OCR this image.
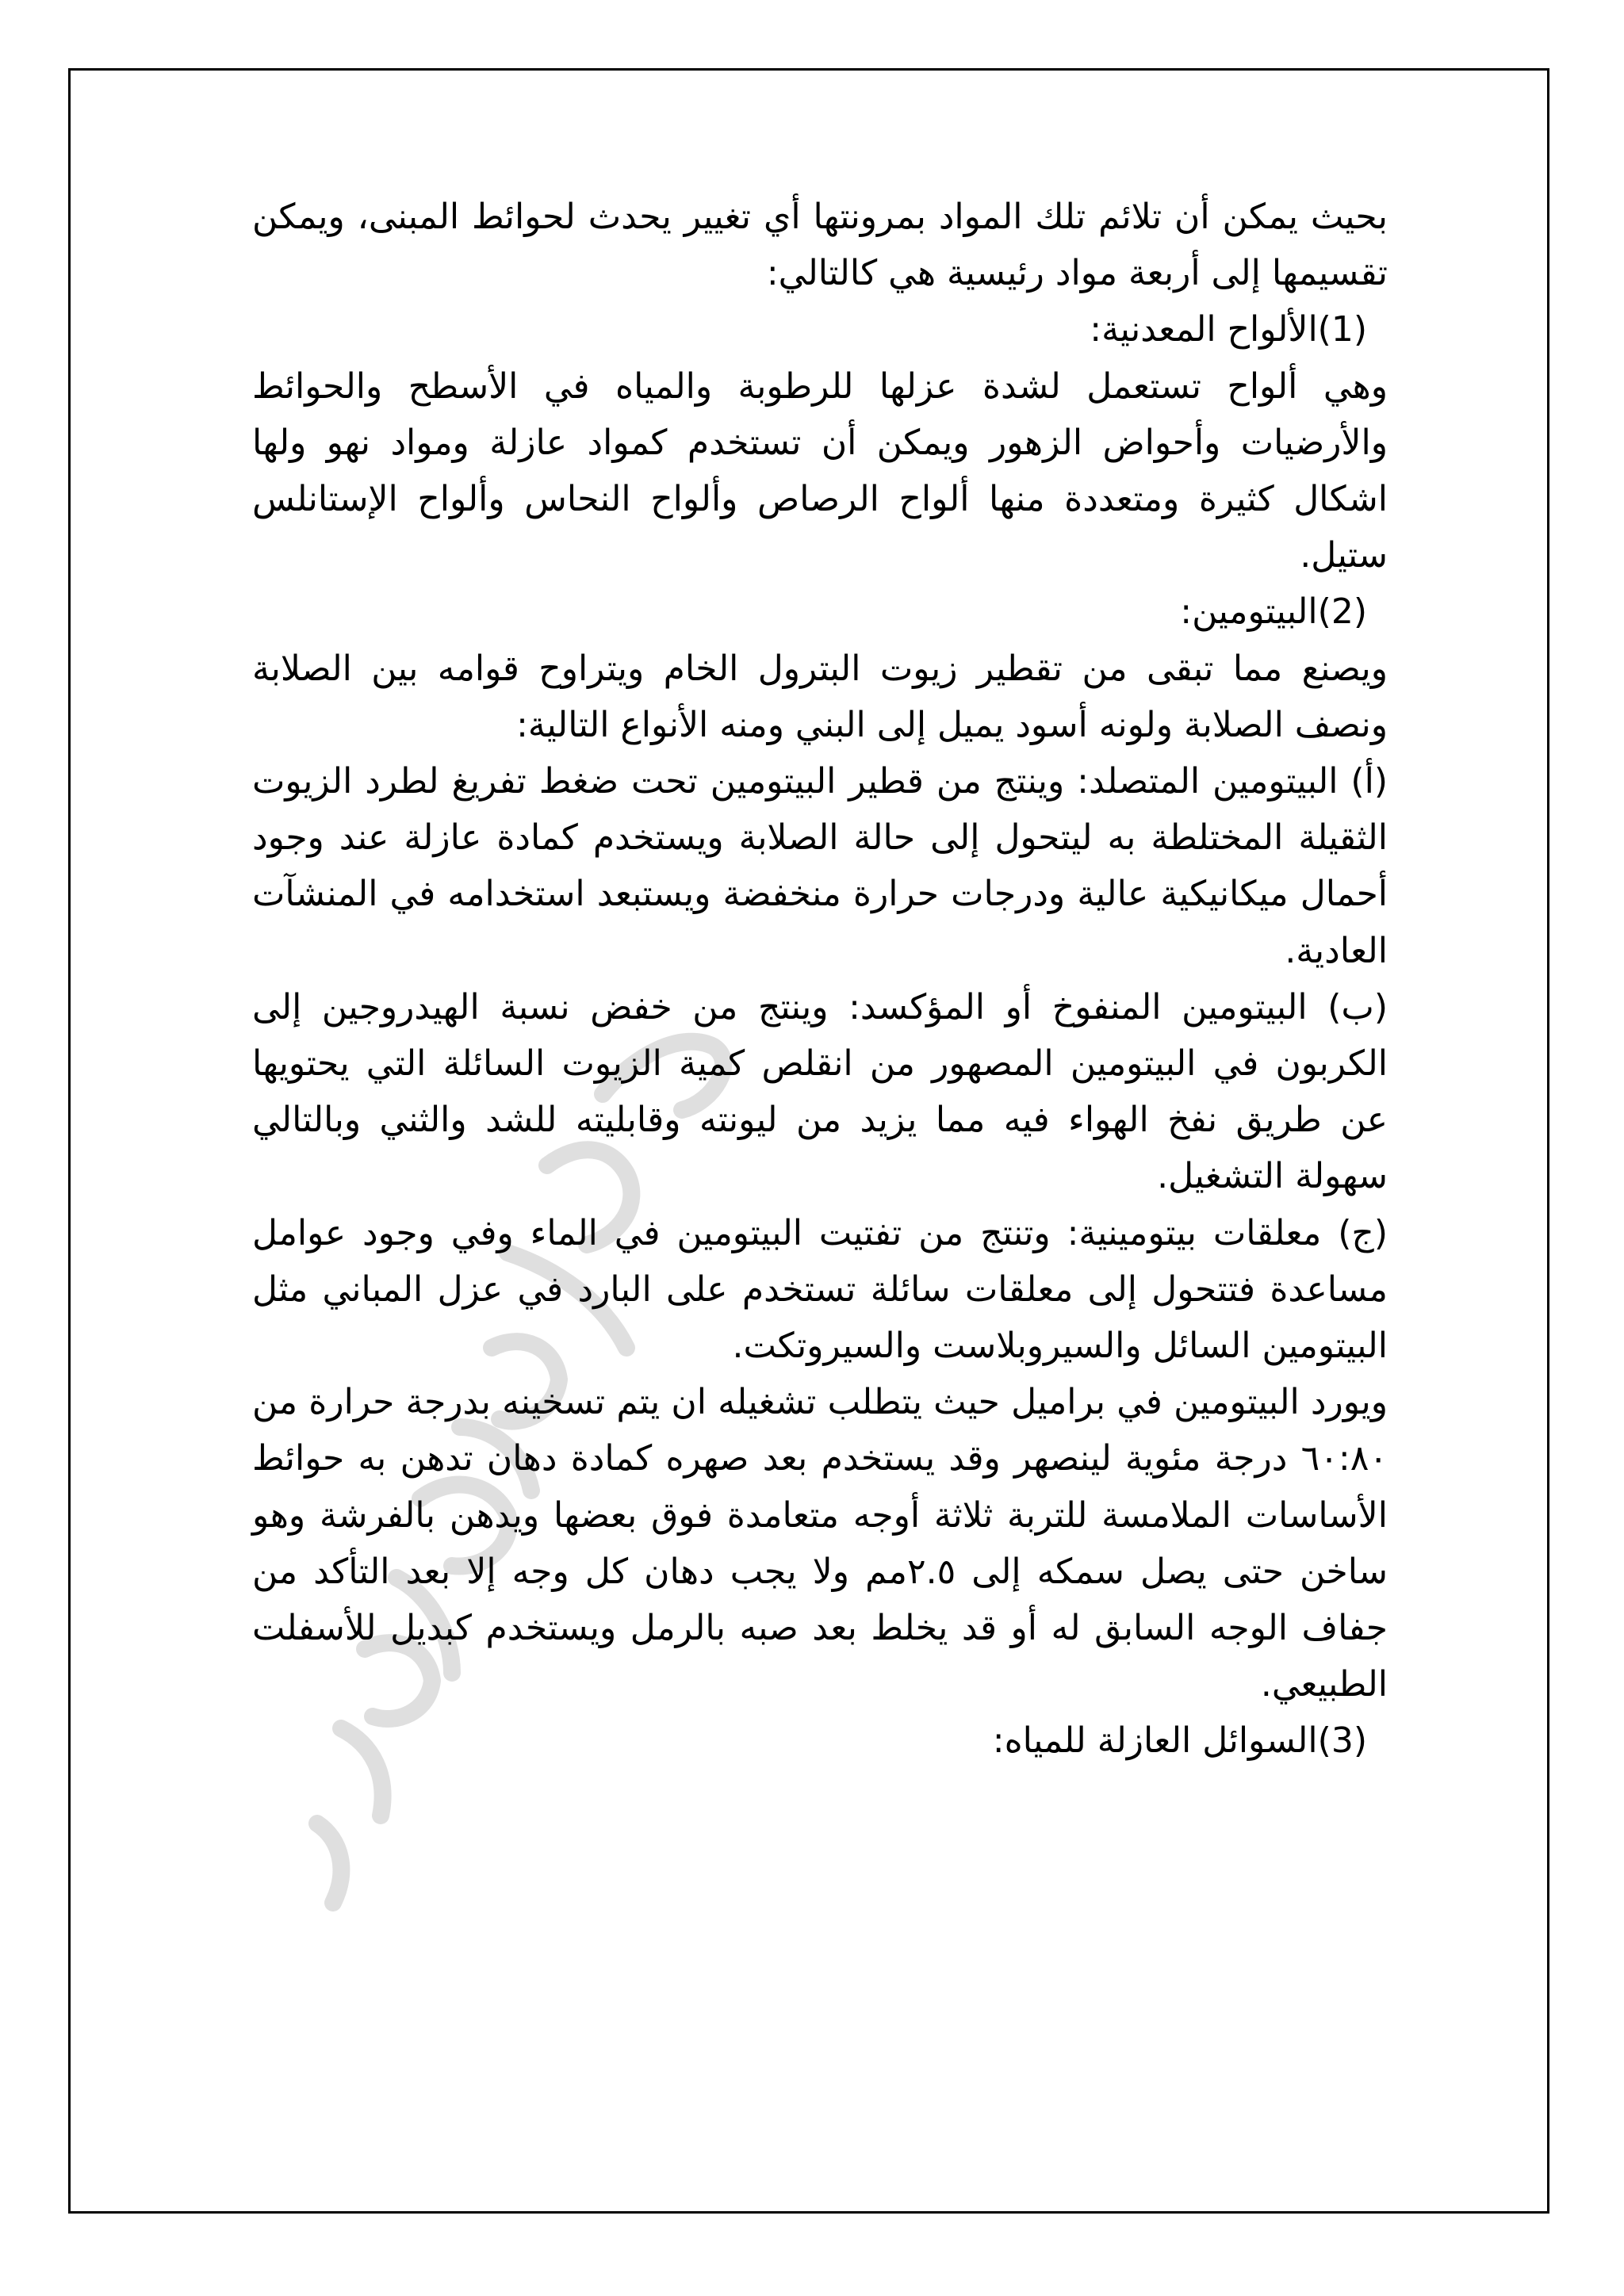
بحيث يمكن أن تلائم تلك المواد بمرونتها أي تغيير يحدث لحوائط المبنى، ويمكن تقسيمها إلى أربعة مواد رئيسية هي كالتالي:

(1)الألواح المعدنية:

وهي ألواح تستعمل لشدة عزلها للرطوبة والمياه في الأسطح والحوائط والأرضيات وأحواض الزهور ويمكن أن تستخدم كمواد عازلة ومواد نهو ولها اشكال كثيرة ومتعددة منها ألواح الرصاص وألواح النحاس وألواح الإستانلس ستيل.

(2)البيتومين:

ويصنع مما تبقى من تقطير زيوت البترول الخام ويتراوح قوامه بين الصلابة ونصف الصلابة ولونه أسود يميل إلى البني ومنه الأنواع التالية:

(أ) البيتومين المتصلد: وينتج من قطير البيتومين تحت ضغط تفريغ لطرد الزيوت الثقيلة المختلطة به ليتحول إلى حالة الصلابة ويستخدم كمادة عازلة عند وجود أحمال ميكانيكية عالية ودرجات حرارة منخفضة ويستبعد استخدامه في المنشآت العادية.

(ب) البيتومين المنفوخ أو المؤكسد: وينتج من خفض نسبة الهيدروجين إلى الكربون في البيتومين المصهور من انقلص كمية الزيوت السائلة التي يحتويها عن طريق نفخ الهواء فيه مما يزيد من ليونته وقابليته للشد والثني وبالتالي سهولة التشغيل.

(ج) معلقات بيتومينية: وتنتج من تفتيت البيتومين في الماء وفي وجود عوامل مساعدة فتتحول إلى معلقات سائلة تستخدم على البارد في عزل المباني مثل البيتومين السائل والسيروبلاست والسيروتكت.

ويورد البيتومين في براميل حيث يتطلب تشغيله ان يتم تسخينه بدرجة حرارة من ٦٠:٨٠ درجة مئوية لينصهر وقد يستخدم بعد صهره كمادة دهان تدهن به حوائط الأساسات الملامسة للتربة ثلاثة أوجه متعامدة فوق بعضها ويدهن بالفرشة وهو ساخن حتى يصل سمكه إلى ٢.٥مم ولا يجب دهان كل وجه إلا بعد التأكد من جفاف الوجه السابق له أو قد يخلط بعد صبه بالرمل ويستخدم كبديل للأسفلت الطبيعي.

(3)السوائل العازلة للمياه:
